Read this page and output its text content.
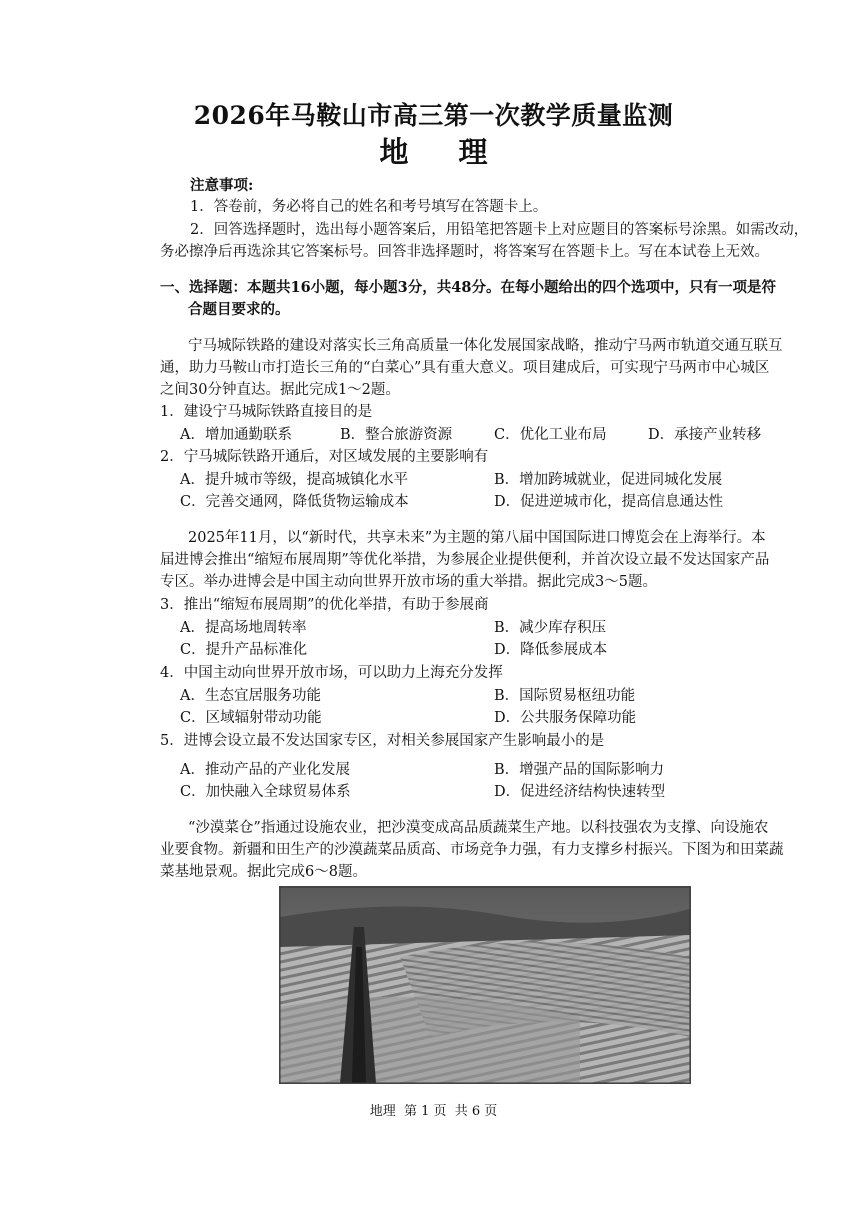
2026年马鞍山市高三第一次教学质量监测
地 理
注意事项:
1．答卷前，务必将自己的姓名和考号填写在答题卡上。
2．回答选择题时，选出每小题答案后，用铅笔把答题卡上对应题目的答案标号涂黑。如需改动，
务必擦净后再选涂其它答案标号。回答非选择题时，将答案写在答题卡上。写在本试卷上无效。
一、选择题：本题共16小题，每小题3分，共48分。在每小题给出的四个选项中，只有一项是符
合题目要求的。
宁马城际铁路的建设对落实长三角高质量一体化发展国家战略，推动宁马两市轨道交通互联互
通，助力马鞍山市打造长三角的“白菜心”具有重大意义。项目建成后，可实现宁马两市中心城区
之间30分钟直达。据此完成1～2题。
1．建设宁马城际铁路直接目的是
A．增加通勤联系	B．整合旅游资源	C．优化工业布局	D．承接产业转移
2．宁马城际铁路开通后，对区域发展的主要影响有
A．提升城市等级，提高城镇化水平	B．增加跨城就业，促进同城化发展
C．完善交通网，降低货物运输成本	D．促进逆城市化，提高信息通达性
2025年11月，以“新时代，共享未来”为主题的第八届中国国际进口博览会在上海举行。本
届进博会推出“缩短布展周期”等优化举措，为参展企业提供便利，并首次设立最不发达国家产品
专区。举办进博会是中国主动向世界开放市场的重大举措。据此完成3～5题。
3．推出“缩短布展周期”的优化举措，有助于参展商
A．提高场地周转率	B．减少库存积压
C．提升产品标准化	D．降低参展成本
4．中国主动向世界开放市场，可以助力上海充分发挥
A．生态宜居服务功能	B．国际贸易枢纽功能
C．区域辐射带动功能	D．公共服务保障功能
5．进博会设立最不发达国家专区，对相关参展国家产生影响最小的是
A．推动产品的产业化发展	B．增强产品的国际影响力
C．加快融入全球贸易体系	D．促进经济结构快速转型
“沙漠菜仓”指通过设施农业，把沙漠变成高品质蔬菜生产地。以科技强农为支撑、向设施农
业要食物。新疆和田生产的沙漠蔬菜品质高、市场竞争力强，有力支撑乡村振兴。下图为和田菜蔬
菜基地景观。据此完成6～8题。
地理  第 1 页  共 6 页
